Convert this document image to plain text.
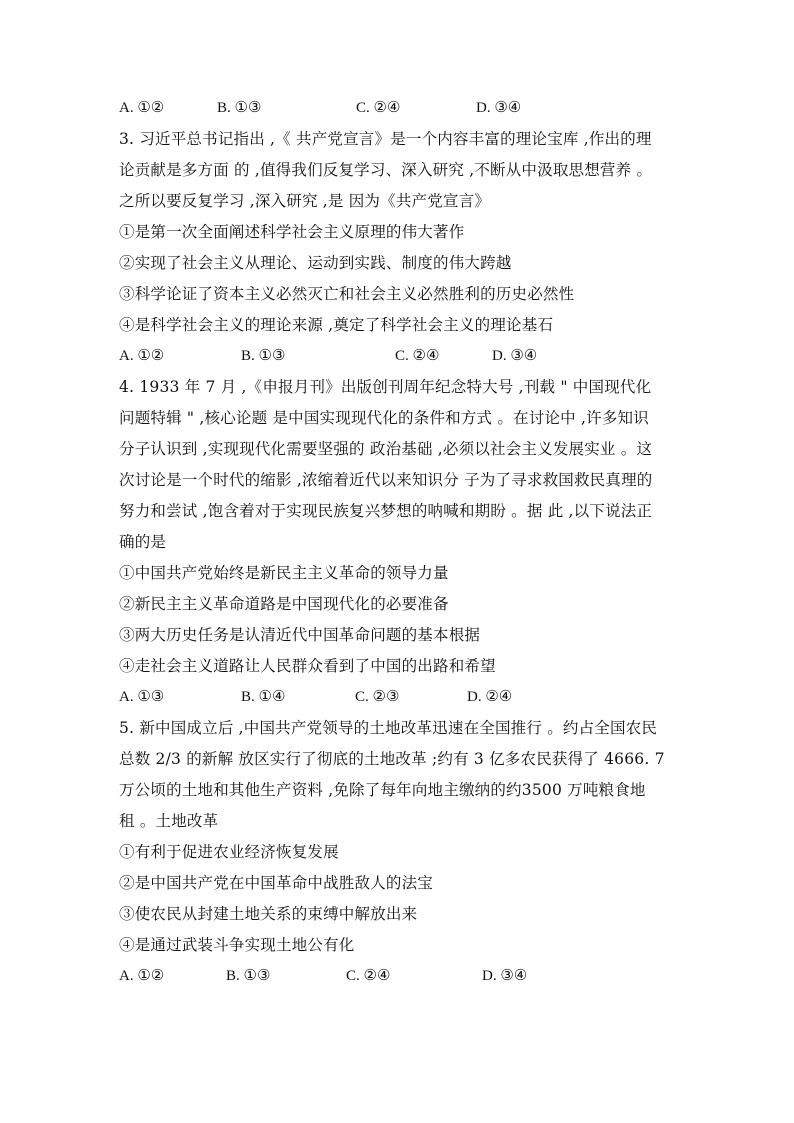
A. ①②	B. ①③	C. ②④	D. ③④
3. 习近平总书记指出 ,《 共产党宣言》是一个内容丰富的理论宝库 ,作出的理
论贡献是多方面 的 ,值得我们反复学习、深入研究 ,不断从中汲取思想营养 。
之所以要反复学习 ,深入研究 ,是 因为《共产党宣言》
①是第一次全面阐述科学社会主义原理的伟大著作
②实现了社会主义从理论、运动到实践、制度的伟大跨越
③科学论证了资本主义必然灭亡和社会主义必然胜利的历史必然性
④是科学社会主义的理论来源 ,奠定了科学社会主义的理论基石
A. ①②	B. ①③	C. ②④	D. ③④
4. 1933 年 7 月 ,《申报月刊》出版创刊周年纪念特大号 ,刊载 " 中国现代化
问题特辑 " ,核心论题 是中国实现现代化的条件和方式 。在讨论中 ,许多知识
分子认识到 ,实现现代化需要坚强的 政治基础 ,必须以社会主义发展实业 。这
次讨论是一个时代的缩影 ,浓缩着近代以来知识分 子为了寻求救国救民真理的
努力和尝试 ,饱含着对于实现民族复兴梦想的呐喊和期盼 。据 此 ,以下说法正
确的是
①中国共产党始终是新民主主义革命的领导力量
②新民主主义革命道路是中国现代化的必要准备
③两大历史任务是认清近代中国革命问题的基本根据
④走社会主义道路让人民群众看到了中国的出路和希望
A. ①③	B. ①④	C. ②③	D. ②④
5. 新中国成立后 ,中国共产党领导的土地改革迅速在全国推行 。约占全国农民
总数 2/3 的新解 放区实行了彻底的土地改革 ;约有 3 亿多农民获得了 4666. 7
万公顷的土地和其他生产资料 ,免除了每年向地主缴纳的约3500 万吨粮食地
租 。土地改革
①有利于促进农业经济恢复发展
②是中国共产党在中国革命中战胜敌人的法宝
③使农民从封建土地关系的束缚中解放出来
④是通过武装斗争实现土地公有化
A. ①②	B. ①③	C. ②④	D. ③④
